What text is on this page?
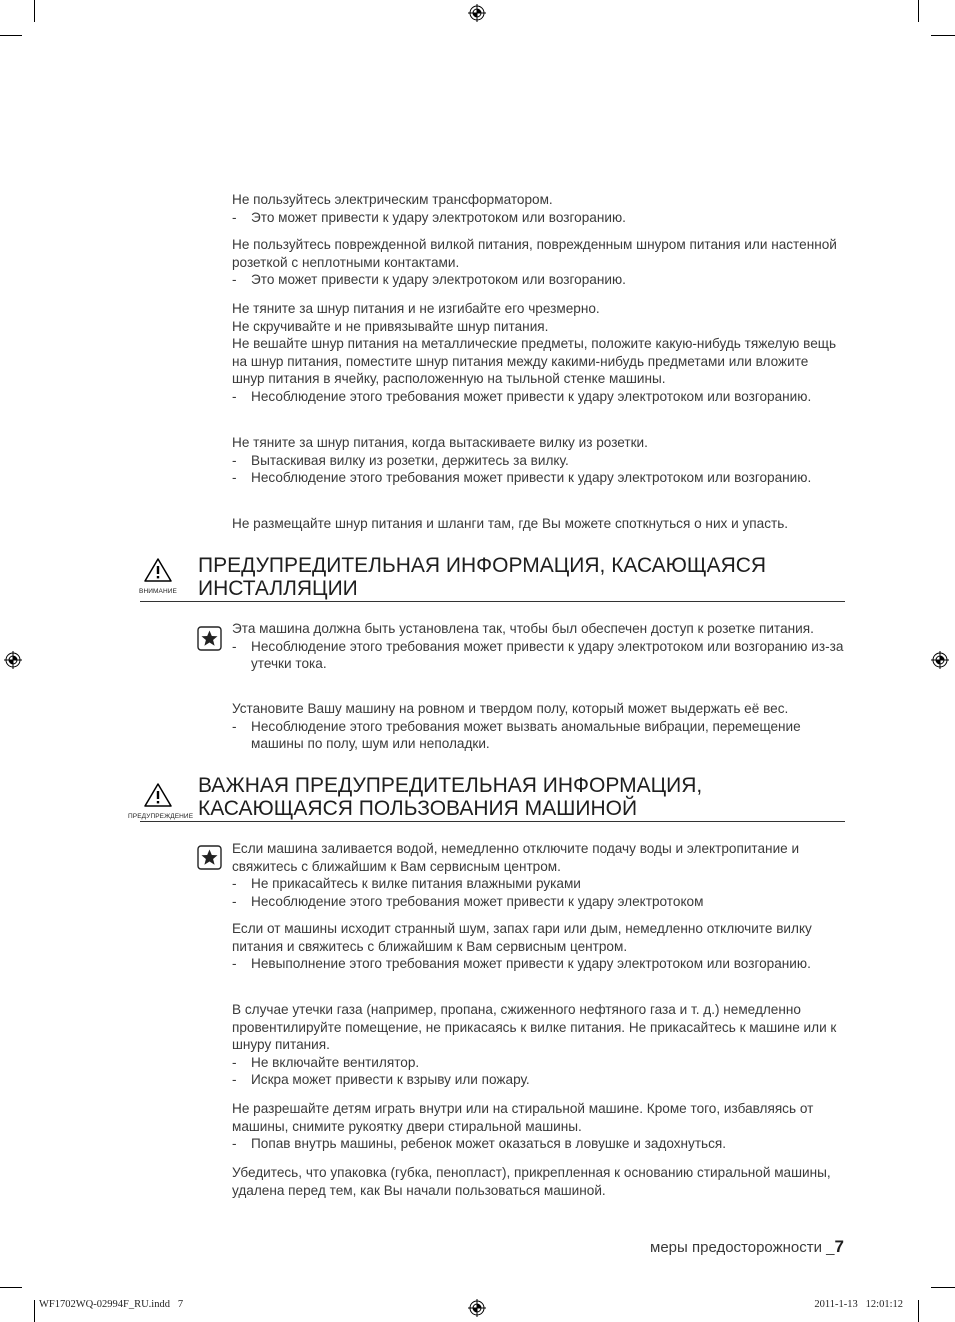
Не пользуйтесь электрическим трансформатором.

- Это может привести к удару электротоком или возгоранию.

Не пользуйтесь поврежденной вилкой питания, поврежденным шнуром питания или настенной розеткой с неплотными контактами.

- Это может привести к удару электротоком или возгоранию.

Не тяните за шнур питания и не изгибайте его чрезмерно.
Не скручивайте и не привязывайте шнур питания.
Не вешайте шнур питания на металлические предметы, положите какую-нибудь тяжелую вещь на шнур питания, поместите шнур питания между какими-нибудь предметами или вложите шнур питания в ячейку, расположенную на тыльной стенке машины.

- Несоблюдение этого требования может привести к удару электротоком или возгоранию.

Не тяните за шнур питания, когда вытаскиваете вилку из розетки.

- Вытаскивая вилку из розетки, держитесь за вилку.
- Несоблюдение этого требования может привести к удару электротоком или возгоранию.

Не размещайте шнур питания и шланги там, где Вы можете споткнуться о них и упасть.

ВНИМАНИЕ
ПРЕДУПРЕДИТЕЛЬНАЯ ИНФОРМАЦИЯ, КАСАЮЩАЯСЯ ИНСТАЛЛЯЦИИ

Эта машина должна быть установлена так, чтобы был обеспечен доступ к розетке питания.

- Несоблюдение этого требования может привести к удару электротоком или возгоранию из-за утечки тока.

Установите Вашу машину на ровном и твердом полу, который может выдержать её вес.

- Несоблюдение этого требования может вызвать аномальные вибрации, перемещение машины по полу, шум или неполадки.
ПРЕДУПРЕЖДЕНИЕ
ВАЖНАЯ ПРЕДУПРЕДИТЕЛЬНАЯ ИНФОРМАЦИЯ, КАСАЮЩАЯСЯ ПОЛЬЗОВАНИЯ МАШИНОЙ

Если машина заливается водой, немедленно отключите подачу воды и электропитание и свяжитесь с ближайшим к Вам сервисным центром.

- Не прикасайтесь к вилке питания влажными руками
- Несоблюдение этого требования может привести к удару электротоком

Если от машины исходит странный шум, запах гари или дым, немедленно отключите вилку питания и свяжитесь с ближайшим к Вам сервисным центром.

- Невыполнение этого требования может привести к удару электротоком или возгоранию.

В случае утечки газа (например, пропана, сжиженного нефтяного газа и т. д.) немедленно провентилируйте помещение, не прикасаясь к вилке питания. Не прикасайтесь к машине или к шнуру питания.

- Не включайте вентилятор.
- Искра может привести к взрыву или пожару.

Не разрешайте детям играть внутри или на стиральной машине. Кроме того, избавляясь от машины, снимите рукоятку двери стиральной машины.

- Попав внутрь машины, ребенок может оказаться в ловушке и задохнуться.

Убедитесь, что упаковка (губка, пенопласт), прикрепленная к основанию стиральной машины, удалена перед тем, как Вы начали пользоваться машиной.

меры предосторожности _7
WF1702WQ-02994F_RU.indd   7	2011-1-13   12:01:12
